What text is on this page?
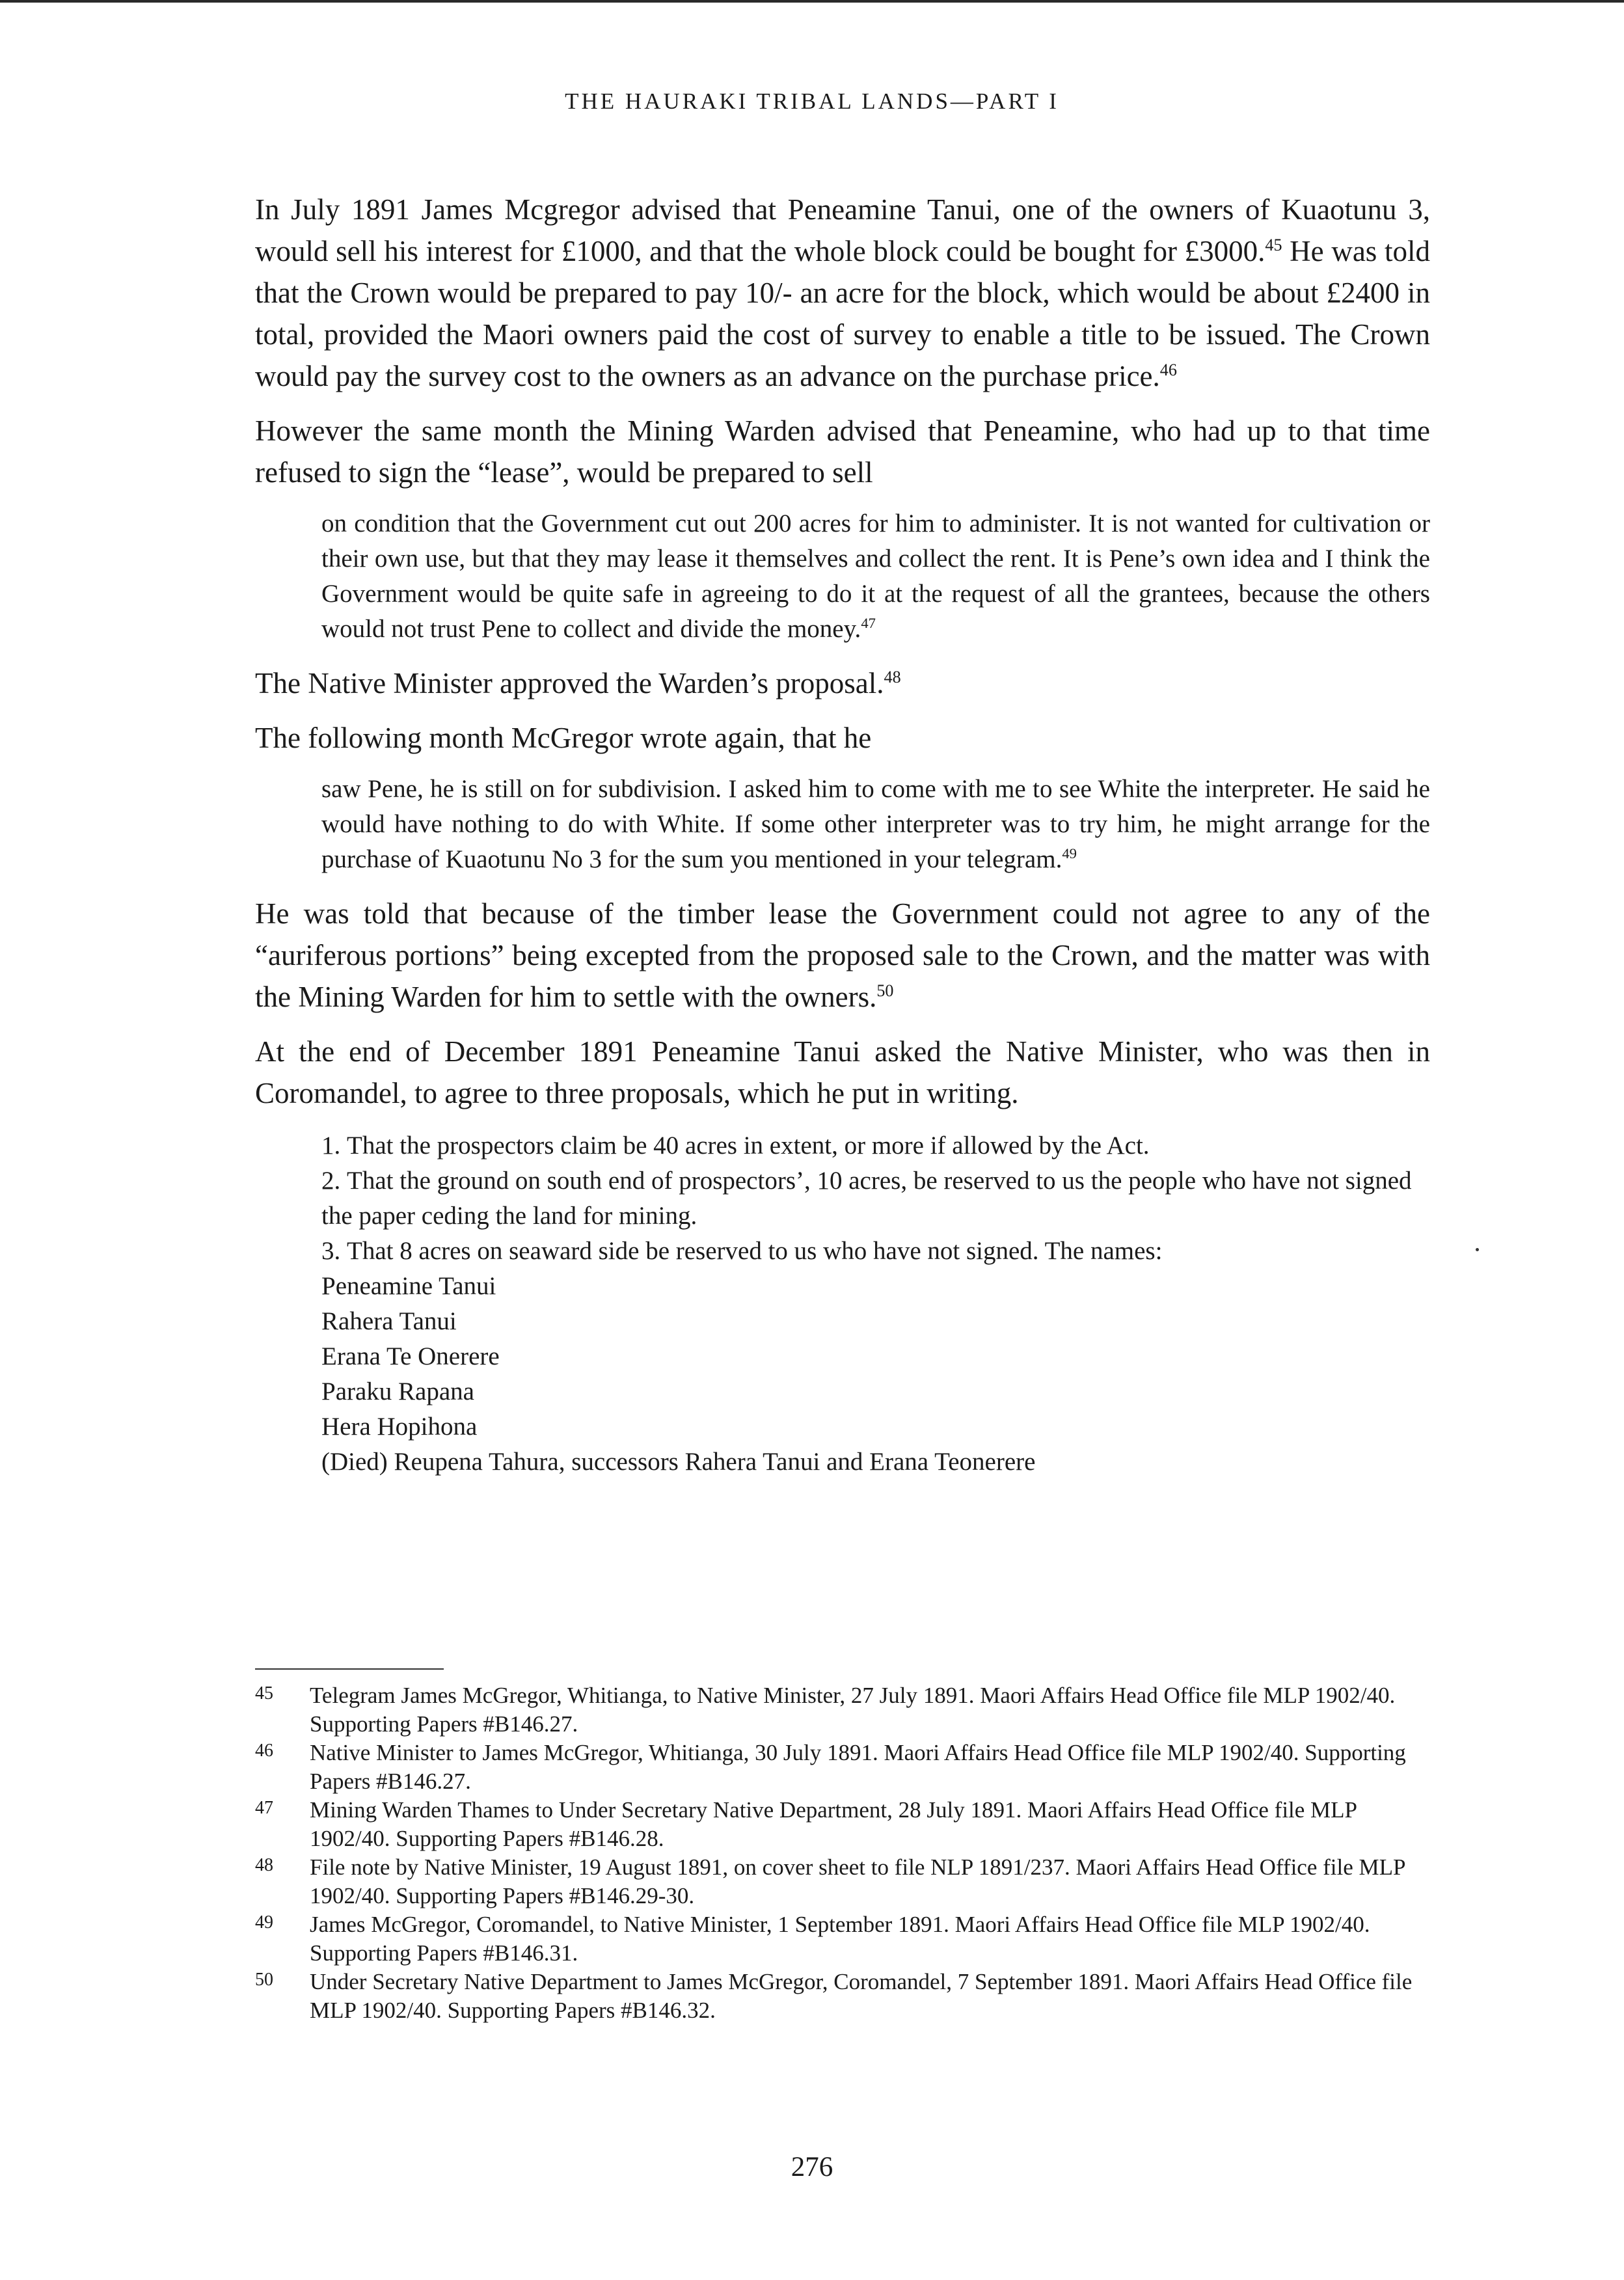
THE HAURAKI TRIBAL LANDS—PART I

In July 1891 James Mcgregor advised that Peneamine Tanui, one of the owners of Kuaotunu 3, would sell his interest for £1000, and that the whole block could be bought for £3000.45 He was told that the Crown would be prepared to pay 10/- an acre for the block, which would be about £2400 in total, provided the Maori owners paid the cost of survey to enable a title to be issued. The Crown would pay the survey cost to the owners as an advance on the purchase price.$^{46}$

However the same month the Mining Warden advised that Peneamine, who had up to that time refused to sign the “lease”, would be prepared to sell

on condition that the Government cut out 200 acres for him to administer. It is not wanted for cultivation or their own use, but that they may lease it themselves and collect the rent. It is Pene’s own idea and I think the Government would be quite safe in agreeing to do it at the request of all the grantees, because the others would not trust Pene to collect and divide the money.$^{47}$

The Native Minister approved the Warden’s proposal.$^{48}$

The following month McGregor wrote again, that he

saw Pene, he is still on for subdivision. I asked him to come with me to see White the interpreter. He said he would have nothing to do with White. If some other interpreter was to try him, he might arrange for the purchase of Kuaotunu No 3 for the sum you mentioned in your telegram.$^{49}$

He was told that because of the timber lease the Government could not agree to any of the “auriferous portions” being excepted from the proposed sale to the Crown, and the matter was with the Mining Warden for him to settle with the owners.$^{50}$

At the end of December 1891 Peneamine Tanui asked the Native Minister, who was then in Coromandel, to agree to three proposals, which he put in writing.

1. That the prospectors claim be 40 acres in extent, or more if allowed by the Act.

2. That the ground on south end of prospectors’, 10 acres, be reserved to us the people who have not signed the paper ceding the land for mining.

3. That 8 acres on seaward side be reserved to us who have not signed. The names:

Peneamine Tanui

Rahera Tanui

Erana Te Onerere

Paraku Rapana

Hera Hopihona

(Died) Reupena Tahura, successors Rahera Tanui and Erana Teonerere

45	Telegram James McGregor, Whitianga, to Native Minister, 27 July 1891. Maori Affairs Head Office file MLP 1902/40. Supporting Papers #B146.27.
46	Native Minister to James McGregor, Whitianga, 30 July 1891. Maori Affairs Head Office file MLP 1902/40. Supporting Papers #B146.27.
47	Mining Warden Thames to Under Secretary Native Department, 28 July 1891. Maori Affairs Head Office file MLP 1902/40. Supporting Papers #B146.28.
48	File note by Native Minister, 19 August 1891, on cover sheet to file NLP 1891/237. Maori Affairs Head Office file MLP 1902/40. Supporting Papers #B146.29-30.
49	James McGregor, Coromandel, to Native Minister, 1 September 1891. Maori Affairs Head Office file MLP 1902/40. Supporting Papers #B146.31.
50	Under Secretary Native Department to James McGregor, Coromandel, 7 September 1891. Maori Affairs Head Office file MLP 1902/40. Supporting Papers #B146.32.
276
